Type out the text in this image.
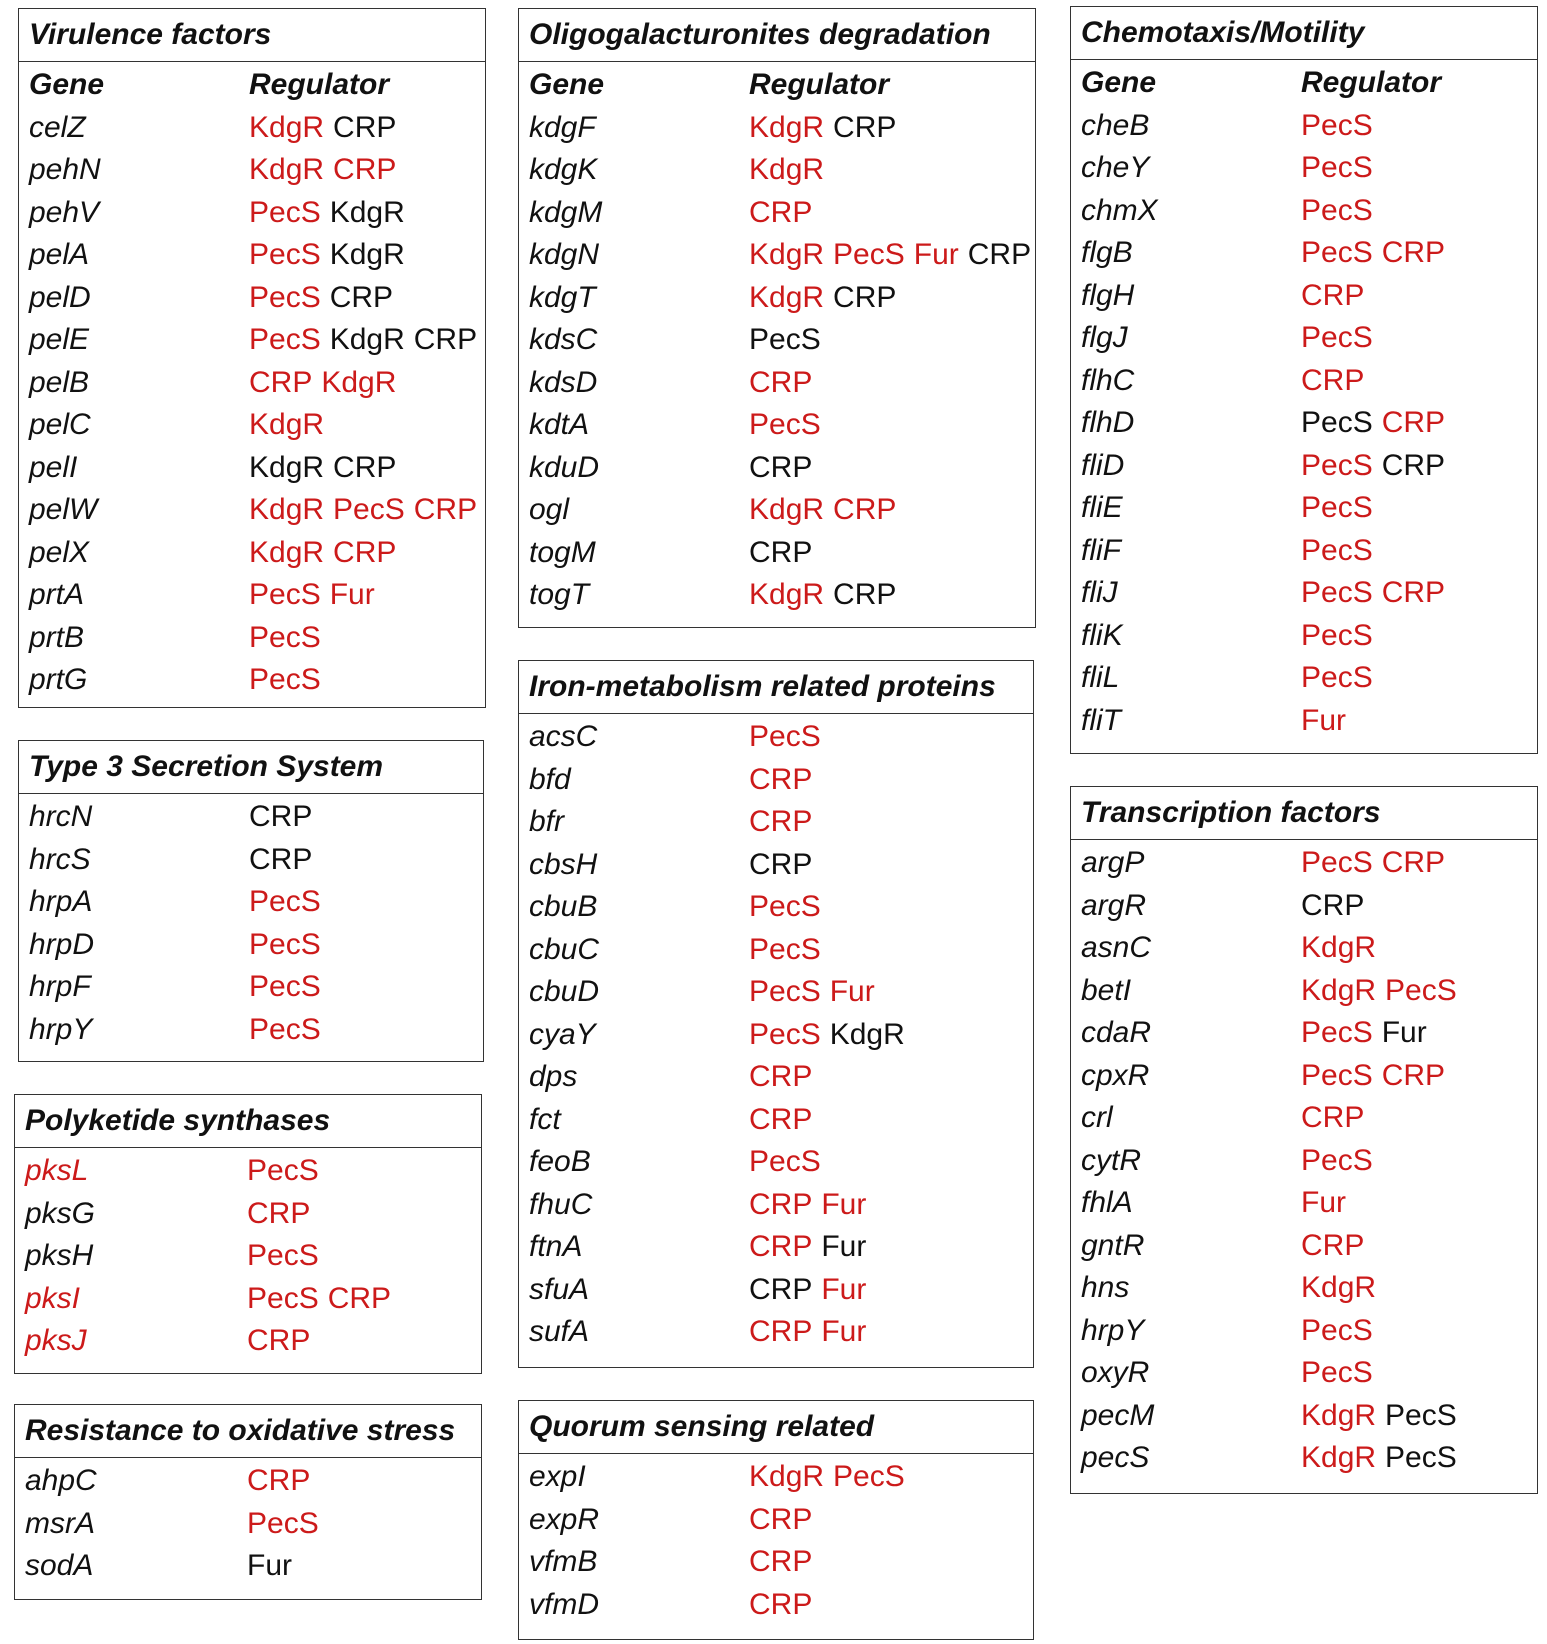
Virulence factors
Gene	Regulator
celZ	KdgR CRP
pehN	KdgR CRP
pehV	PecS KdgR
pelA	PecS KdgR
pelD	PecS CRP
pelE	PecS KdgR CRP
pelB	CRP KdgR
pelC	KdgR
pelI	KdgR CRP
pelW	KdgR PecS CRP
pelX	KdgR CRP
prtA	PecS Fur
prtB	PecS
prtG	PecS
Type 3 Secretion System
hrcN	CRP
hrcS	CRP
hrpA	PecS
hrpD	PecS
hrpF	PecS
hrpY	PecS
Polyketide synthases
pksL	PecS
pksG	CRP
pksH	PecS
pksI	PecS CRP
pksJ	CRP
Resistance to oxidative stress
ahpC	CRP
msrA	PecS
sodA	Fur
Oligogalacturonites degradation
Gene	Regulator
kdgF	KdgR CRP
kdgK	KdgR
kdgM	CRP
kdgN	KdgR PecS Fur CRP
kdgT	KdgR CRP
kdsC	PecS
kdsD	CRP
kdtA	PecS
kduD	CRP
ogl	KdgR CRP
togM	CRP
togT	KdgR CRP
Iron-metabolism related proteins
acsC	PecS
bfd	CRP
bfr	CRP
cbsH	CRP
cbuB	PecS
cbuC	PecS
cbuD	PecS Fur
cyaY	PecS KdgR
dps	CRP
fct	CRP
feoB	PecS
fhuC	CRP Fur
ftnA	CRP Fur
sfuA	CRP Fur
sufA	CRP Fur
Quorum sensing related
expI	KdgR PecS
expR	CRP
vfmB	CRP
vfmD	CRP
Chemotaxis/Motility
Gene	Regulator
cheB	PecS
cheY	PecS
chmX	PecS
flgB	PecS CRP
flgH	CRP
flgJ	PecS
flhC	CRP
flhD	PecS CRP
fliD	PecS CRP
fliE	PecS
fliF	PecS
fliJ	PecS CRP
fliK	PecS
fliL	PecS
fliT	Fur
Transcription factors
argP	PecS CRP
argR	CRP
asnC	KdgR
betI	KdgR PecS
cdaR	PecS Fur
cpxR	PecS CRP
crl	CRP
cytR	PecS
fhlA	Fur
gntR	CRP
hns	KdgR
hrpY	PecS
oxyR	PecS
pecM	KdgR PecS
pecS	KdgR PecS
